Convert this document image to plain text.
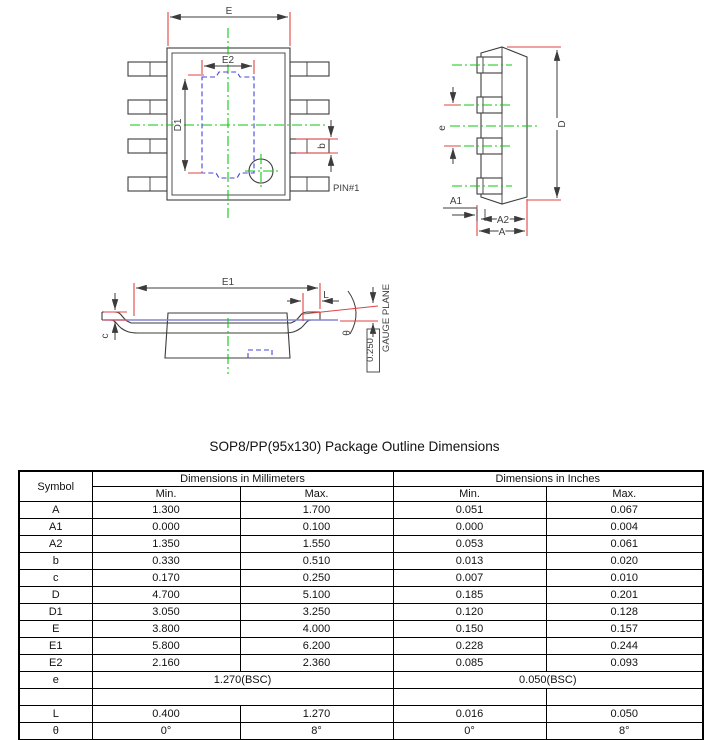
E
E2
D1
b
PIN#1
e
D
A1
A2
A
E1
c
L
θ
0.250 GAUGE PLANE
SOP8/PP(95x130) Package Outline Dimensions
Symbol	Dimensions in Millimeters		Dimensions in Inches	
	Min.	Max.	Min.	Max.
A	1.300	1.700	0.051	0.067
A1	0.000	0.100	0.000	0.004
A2	1.350	1.550	0.053	0.061
b	0.330	0.510	0.013	0.020
c	0.170	0.250	0.007	0.010
D	4.700	5.100	0.185	0.201
D1	3.050	3.250	0.120	0.128
E	3.800	4.000	0.150	0.157
E1	5.800	6.200	0.228	0.244
E2	2.160	2.360	0.085	0.093
e	1.270(BSC)		0.050(BSC)	

L	0.400	1.270	0.016	0.050
θ	0°	8°	0°	8°
